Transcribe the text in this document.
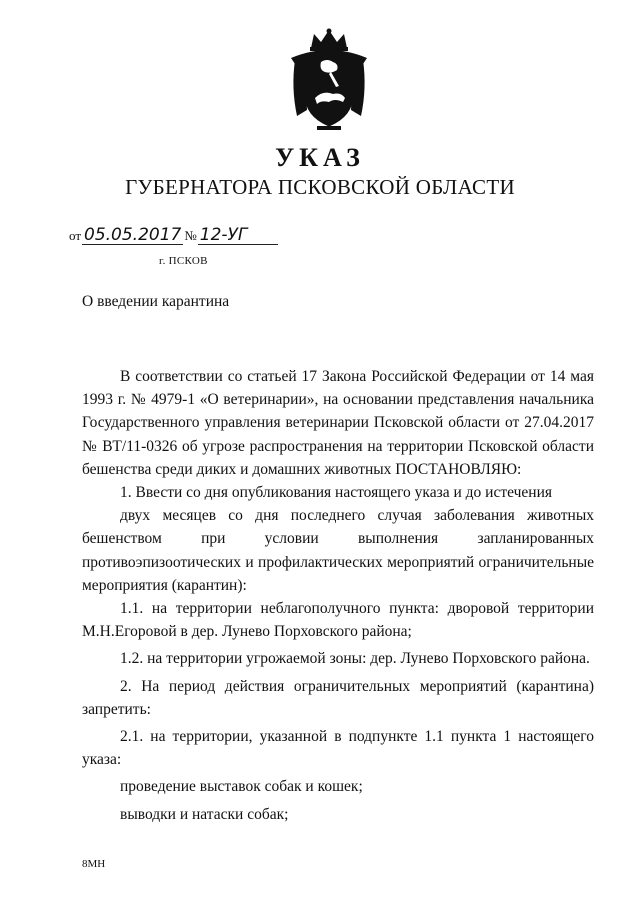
УКАЗ
ГУБЕРНАТОРА ПСКОВСКОЙ ОБЛАСТИ
от 05.05.2017 № 12-УГ
г. ПСКОВ
О введении карантина

В соответствии со статьей 17 Закона Российской Федерации от 14 мая 1993 г. № 4979-1 «О ветеринарии», на основании представления начальника Государственного управления ветеринарии Псковской области от 27.04.2017 № ВТ/11-0326 об угрозе распространения на территории Псковской области бешенства среди диких и домашних животных ПОСТАНОВЛЯЮ:

1. Ввести со дня опубликования настоящего указа и до истечения

двух месяцев со дня последнего случая заболевания животных бешенством при условии выполнения запланированных противоэпизоотических и профилактических мероприятий ограничительные мероприятия (карантин):

1.1. на территории неблагополучного пункта: дворовой территории М.Н.Егоровой в дер. Лунево Порховского района;

1.2. на территории угрожаемой зоны: дер. Лунево Порховского района.

2. На период действия ограничительных мероприятий (карантина) запретить:

2.1. на территории, указанной в подпункте 1.1 пункта 1 настоящего указа:

проведение выставок собак и кошек;

выводки и натаски собак;

8МН
